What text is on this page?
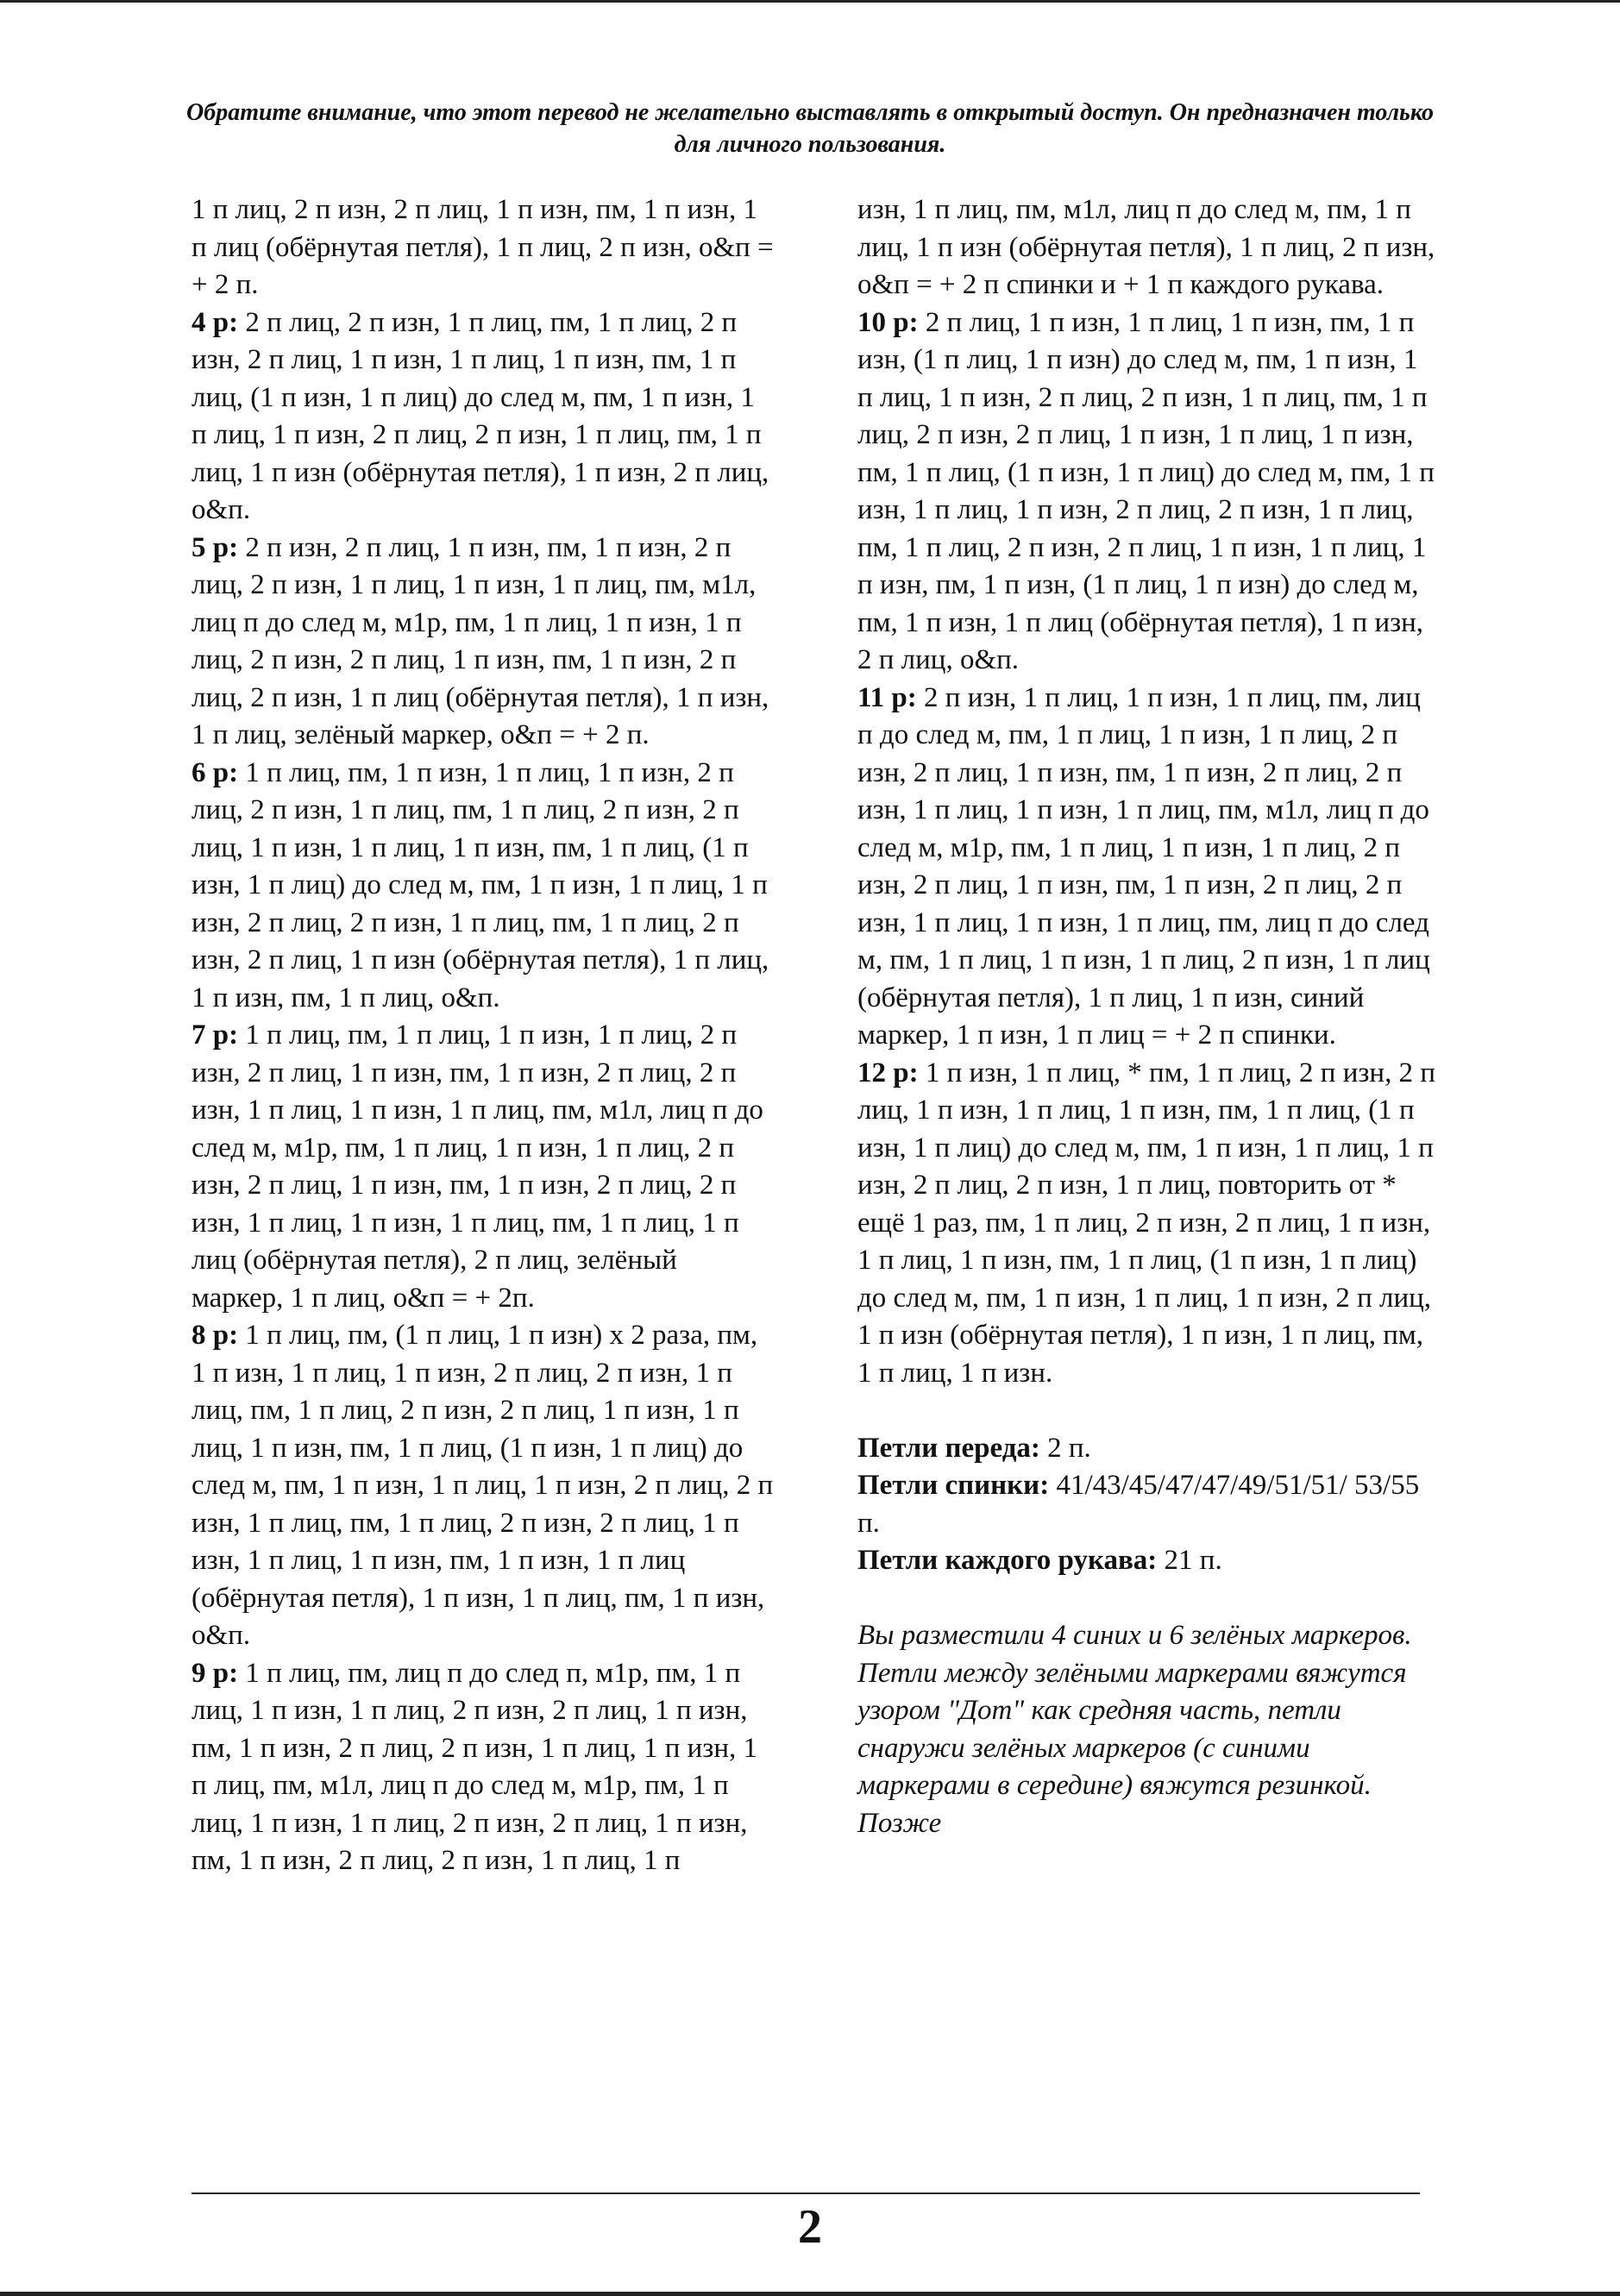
Обратите внимание, что этот перевод не желательно выставлять в открытый доступ. Он предназначен только для личного пользования.

1 п лиц, 2 п изн, 2 п лиц, 1 п изн, пм, 1 п изн, 1 п лиц (обёрнутая петля), 1 п лиц, 2 п изн, о&п = + 2 п.

4 р: 2 п лиц, 2 п изн, 1 п лиц, пм, 1 п лиц, 2 п изн, 2 п лиц, 1 п изн, 1 п лиц, 1 п изн, пм, 1 п лиц, (1 п изн, 1 п лиц) до след м, пм, 1 п изн, 1 п лиц, 1 п изн, 2 п лиц, 2 п изн, 1 п лиц, пм, 1 п лиц, 1 п изн (обёрнутая петля), 1 п изн, 2 п лиц, о&п.

5 р: 2 п изн, 2 п лиц, 1 п изн, пм, 1 п изн, 2 п лиц, 2 п изн, 1 п лиц, 1 п изн, 1 п лиц, пм, м1л, лиц п до след м, м1р, пм, 1 п лиц, 1 п изн, 1 п лиц, 2 п изн, 2 п лиц, 1 п изн, пм, 1 п изн, 2 п лиц, 2 п изн, 1 п лиц (обёрнутая петля), 1 п изн, 1 п лиц, зелёный маркер, о&п = + 2 п.

6 р: 1 п лиц, пм, 1 п изн, 1 п лиц, 1 п изн, 2 п лиц, 2 п изн, 1 п лиц, пм, 1 п лиц, 2 п изн, 2 п лиц, 1 п изн, 1 п лиц, 1 п изн, пм, 1 п лиц, (1 п изн, 1 п лиц) до след м, пм, 1 п изн, 1 п лиц, 1 п изн, 2 п лиц, 2 п изн, 1 п лиц, пм, 1 п лиц, 2 п изн, 2 п лиц, 1 п изн (обёрнутая петля), 1 п лиц, 1 п изн, пм, 1 п лиц, о&п.

7 р: 1 п лиц, пм, 1 п лиц, 1 п изн, 1 п лиц, 2 п изн, 2 п лиц, 1 п изн, пм, 1 п изн, 2 п лиц, 2 п изн, 1 п лиц, 1 п изн, 1 п лиц, пм, м1л, лиц п до след м, м1р, пм, 1 п лиц, 1 п изн, 1 п лиц, 2 п изн, 2 п лиц, 1 п изн, пм, 1 п изн, 2 п лиц, 2 п изн, 1 п лиц, 1 п изн, 1 п лиц, пм, 1 п лиц, 1 п лиц (обёрнутая петля), 2 п лиц, зелёный маркер, 1 п лиц, о&п = + 2п.

8 р: 1 п лиц, пм, (1 п лиц, 1 п изн) х 2 раза, пм, 1 п изн, 1 п лиц, 1 п изн, 2 п лиц, 2 п изн, 1 п лиц, пм, 1 п лиц, 2 п изн, 2 п лиц, 1 п изн, 1 п лиц, 1 п изн, пм, 1 п лиц, (1 п изн, 1 п лиц) до след м, пм, 1 п изн, 1 п лиц, 1 п изн, 2 п лиц, 2 п изн, 1 п лиц, пм, 1 п лиц, 2 п изн, 2 п лиц, 1 п изн, 1 п лиц, 1 п изн, пм, 1 п изн, 1 п лиц (обёрнутая петля), 1 п изн, 1 п лиц, пм, 1 п изн, о&п.

9 р: 1 п лиц, пм, лиц п до след п, м1р, пм, 1 п лиц, 1 п изн, 1 п лиц, 2 п изн, 2 п лиц, 1 п изн, пм, 1 п изн, 2 п лиц, 2 п изн, 1 п лиц, 1 п изн, 1 п лиц, пм, м1л, лиц п до след м, м1р, пм, 1 п лиц, 1 п изн, 1 п лиц, 2 п изн, 2 п лиц, 1 п изн, пм, 1 п изн, 2 п лиц, 2 п изн, 1 п лиц, 1 п

изн, 1 п лиц, пм, м1л, лиц п до след м, пм, 1 п лиц, 1 п изн (обёрнутая петля), 1 п лиц, 2 п изн, о&п = + 2 п спинки и + 1 п каждого рукава.

10 р: 2 п лиц, 1 п изн, 1 п лиц, 1 п изн, пм, 1 п изн, (1 п лиц, 1 п изн) до след м, пм, 1 п изн, 1 п лиц, 1 п изн, 2 п лиц, 2 п изн, 1 п лиц, пм, 1 п лиц, 2 п изн, 2 п лиц, 1 п изн, 1 п лиц, 1 п изн, пм, 1 п лиц, (1 п изн, 1 п лиц) до след м, пм, 1 п изн, 1 п лиц, 1 п изн, 2 п лиц, 2 п изн, 1 п лиц, пм, 1 п лиц, 2 п изн, 2 п лиц, 1 п изн, 1 п лиц, 1 п изн, пм, 1 п изн, (1 п лиц, 1 п изн) до след м, пм, 1 п изн, 1 п лиц (обёрнутая петля), 1 п изн, 2 п лиц, о&п.

11 р: 2 п изн, 1 п лиц, 1 п изн, 1 п лиц, пм, лиц п до след м, пм, 1 п лиц, 1 п изн, 1 п лиц, 2 п изн, 2 п лиц, 1 п изн, пм, 1 п изн, 2 п лиц, 2 п изн, 1 п лиц, 1 п изн, 1 п лиц, пм, м1л, лиц п до след м, м1р, пм, 1 п лиц, 1 п изн, 1 п лиц, 2 п изн, 2 п лиц, 1 п изн, пм, 1 п изн, 2 п лиц, 2 п изн, 1 п лиц, 1 п изн, 1 п лиц, пм, лиц п до след м, пм, 1 п лиц, 1 п изн, 1 п лиц, 2 п изн, 1 п лиц (обёрнутая петля), 1 п лиц, 1 п изн, синий маркер, 1 п изн, 1 п лиц = + 2 п спинки.

12 р: 1 п изн, 1 п лиц, * пм, 1 п лиц, 2 п изн, 2 п лиц, 1 п изн, 1 п лиц, 1 п изн, пм, 1 п лиц, (1 п изн, 1 п лиц) до след м, пм, 1 п изн, 1 п лиц, 1 п изн, 2 п лиц, 2 п изн, 1 п лиц, повторить от * ещё 1 раз, пм, 1 п лиц, 2 п изн, 2 п лиц, 1 п изн, 1 п лиц, 1 п изн, пм, 1 п лиц, (1 п изн, 1 п лиц) до след м, пм, 1 п изн, 1 п лиц, 1 п изн, 2 п лиц, 1 п изн (обёрнутая петля), 1 п изн, 1 п лиц, пм, 1 п лиц, 1 п изн.

Петли переда: 2 п.

Петли спинки: 41/43/45/47/47/49/51/51/ 53/55 п.

Петли каждого рукава: 21 п.

Вы разместили 4 синих и 6 зелёных маркеров. Петли между зелёными маркерами вяжутся узором "Дот" как средняя часть, петли снаружи зелёных маркеров (с синими маркерами в середине) вяжутся резинкой. Позже

2
